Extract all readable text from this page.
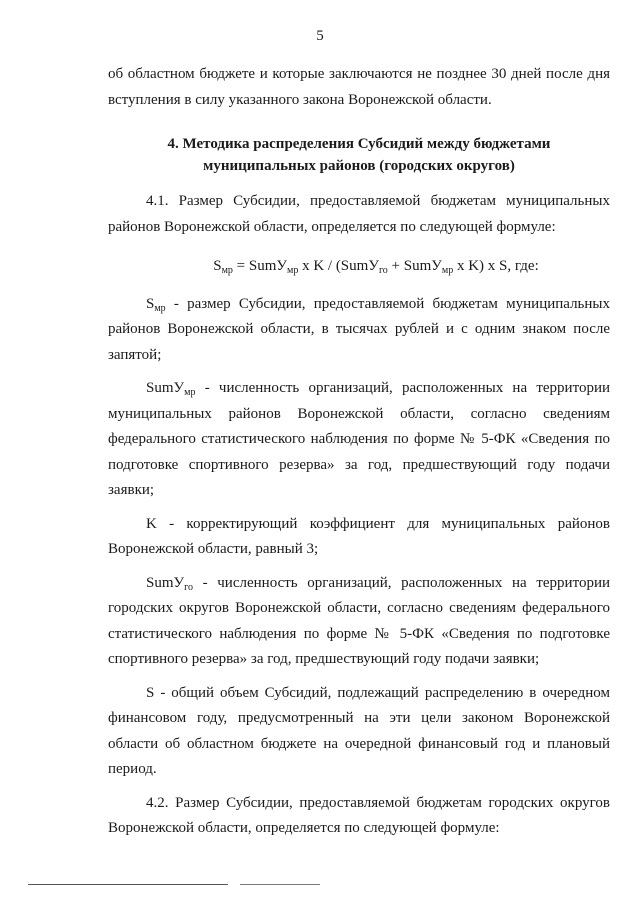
5

об областном бюджете и которые заключаются не позднее 30 дней после дня вступления в силу указанного закона Воронежской области.

4. Методика распределения Субсидий между бюджетами
муниципальных районов (городских округов)

4.1. Размер Субсидии, предоставляемой бюджетам муниципальных районов Воронежской области, определяется по следующей формуле:

$S_{мр}$ = SumУ$_{мр}$ x K / (SumУ$_{го}$ + SumУ$_{мр}$ x K) x S, где:

$S_{мр}$ - размер Субсидии, предоставляемой бюджетам муниципальных районов Воронежской области, в тысячах рублей и с одним знаком после запятой;

SumУ$_{мр}$ - численность организаций, расположенных на территории муниципальных районов Воронежской области, согласно сведениям федерального статистического наблюдения по форме № 5-ФК «Сведения по подготовке спортивного резерва» за год, предшествующий году подачи заявки;

K - корректирующий коэффициент для муниципальных районов Воронежской области, равный 3;

SumУ$_{го}$ - численность организаций, расположенных на территории городских округов Воронежской области, согласно сведениям федерального статистического наблюдения по форме № 5-ФК «Сведения по подготовке спортивного резерва» за год, предшествующий году подачи заявки;

S - общий объем Субсидий, подлежащий распределению в очередном финансовом году, предусмотренный на эти цели законом Воронежской области об областном бюджете на очередной финансовый год и плановый период.

4.2. Размер Субсидии, предоставляемой бюджетам городских округов Воронежской области, определяется по следующей формуле:
